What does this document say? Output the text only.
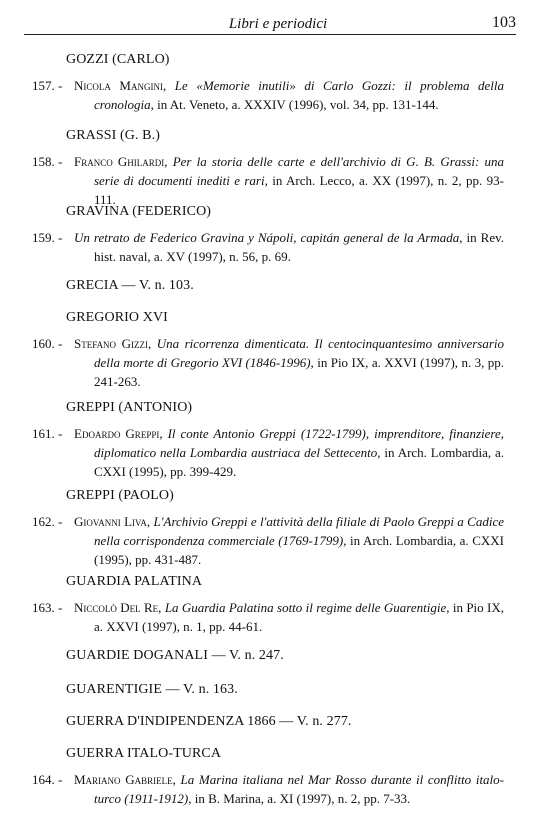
Libri e periodici	103
GOZZI (CARLO)
157. - Nicola Mangini, Le «Memorie inutili» di Carlo Gozzi: il problema della cronologia, in At. Veneto, a. XXXIV (1996), vol. 34, pp. 131-144.
GRASSI (G. B.)
158. - Franco Ghilardi, Per la storia delle carte e dell'archivio di G. B. Grassi: una serie di documenti inediti e rari, in Arch. Lecco, a. XX (1997), n. 2, pp. 93-111.
GRAVINA (FEDERICO)
159. - Un retrato de Federico Gravina y Nápoli, capitán general de la Armada, in Rev. hist. naval, a. XV (1997), n. 56, p. 69.
GRECIA — V. n. 103.
GREGORIO XVI
160. - Stefano Gizzi, Una ricorrenza dimenticata. Il centocinquantesimo anniversario della morte di Gregorio XVI (1846-1996), in Pio IX, a. XXVI (1997), n. 3, pp. 241-263.
GREPPI (ANTONIO)
161. - Edoardo Greppi, Il conte Antonio Greppi (1722-1799), imprenditore, finanziere, diplomatico nella Lombardia austriaca del Settecento, in Arch. Lombardia, a. CXXI (1995), pp. 399-429.
GREPPI (PAOLO)
162. - Giovanni Liva, L'Archivio Greppi e l'attività della filiale di Paolo Greppi a Cadice nella corrispondenza commerciale (1769-1799), in Arch. Lombardia, a. CXXI (1995), pp. 431-487.
GUARDIA PALATINA
163. - Niccolò Del Re, La Guardia Palatina sotto il regime delle Guarentigie, in Pio IX, a. XXVI (1997), n. 1, pp. 44-61.
GUARDIE DOGANALI — V. n. 247.
GUARENTIGIE — V. n. 163.
GUERRA D'INDIPENDENZA 1866 — V. n. 277.
GUERRA ITALO-TURCA
164. - Mariano Gabriele, La Marina italiana nel Mar Rosso durante il conflitto italo-turco (1911-1912), in B. Marina, a. XI (1997), n. 2, pp. 7-33.
